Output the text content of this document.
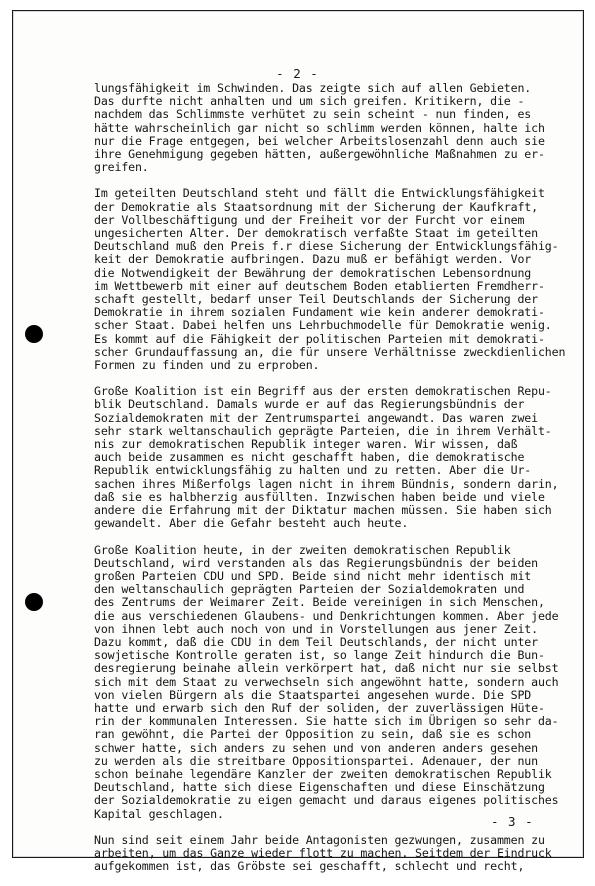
- 2 -

lungsfähigkeit im Schwinden. Das zeigte sich auf allen Gebieten.
Das durfte nicht anhalten und um sich greifen. Kritikern, die -
nachdem das Schlimmste verhütet zu sein scheint - nun finden, es
hätte wahrscheinlich gar nicht so schlimm werden können, halte ich
nur die Frage entgegen, bei welcher Arbeitslosenzahl denn auch sie
ihre Genehmigung gegeben hätten, außergewöhnliche Maßnahmen zu er-
greifen.

Im geteilten Deutschland steht und fällt die Entwicklungsfähigkeit
der Demokratie als Staatsordnung mit der Sicherung der Kaufkraft,
der Vollbeschäftigung und der Freiheit vor der Furcht vor einem
ungesicherten Alter. Der demokratisch verfaßte Staat im geteilten
Deutschland muß den Preis f.r diese Sicherung der Entwicklungsfähig-
keit der Demokratie aufbringen. Dazu muß er befähigt werden. Vor
die Notwendigkeit der Bewährung der demokratischen Lebensordnung
im Wettbewerb mit einer auf deutschem Boden etablierten Fremdherr-
schaft gestellt, bedarf unser Teil Deutschlands der Sicherung der
Demokratie in ihrem sozialen Fundament wie kein anderer demokrati-
scher Staat. Dabei helfen uns Lehrbuchmodelle für Demokratie wenig.
Es kommt auf die Fähigkeit der politischen Parteien mit demokrati-
scher Grundauffassung an, die für unsere Verhältnisse zweckdienlichen
Formen zu finden und zu erproben.

Große Koalition ist ein Begriff aus der ersten demokratischen Repu-
blik Deutschland. Damals wurde er auf das Regierungsbündnis der
Sozialdemokraten mit der Zentrumspartei angewandt. Das waren zwei
sehr stark weltanschaulich geprägte Parteien, die in ihrem Verhält-
nis zur demokratischen Republik integer waren. Wir wissen, daß
auch beide zusammen es nicht geschafft haben, die demokratische
Republik entwicklungsfähig zu halten und zu retten. Aber die Ur-
sachen ihres Mißerfolgs lagen nicht in ihrem Bündnis, sondern darin,
daß sie es halbherzig ausfüllten. Inzwischen haben beide und viele
andere die Erfahrung mit der Diktatur machen müssen. Sie haben sich
gewandelt. Aber die Gefahr besteht auch heute.

Große Koalition heute, in der zweiten demokratischen Republik
Deutschland, wird verstanden als das Regierungsbündnis der beiden
großen Parteien CDU und SPD. Beide sind nicht mehr identisch mit
den weltanschaulich geprägten Parteien der Sozialdemokraten und
des Zentrums der Weimarer Zeit. Beide vereinigen in sich Menschen,
die aus verschiedenen Glaubens- und Denkrichtungen kommen. Aber jede
von ihnen lebt auch noch von und in Vorstellungen aus jener Zeit.
Dazu kommt, daß die CDU in dem Teil Deutschlands, der nicht unter
sowjetische Kontrolle geraten ist, so lange Zeit hindurch die Bun-
desregierung beinahe allein verkörpert hat, daß nicht nur sie selbst
sich mit dem Staat zu verwechseln sich angewöhnt hatte, sondern auch
von vielen Bürgern als die Staatspartei angesehen wurde. Die SPD
hatte und erwarb sich den Ruf der soliden, der zuverlässigen Hüte-
rin der kommunalen Interessen. Sie hatte sich im Übrigen so sehr da-
ran gewöhnt, die Partei der Opposition zu sein, daß sie es schon
schwer hatte, sich anders zu sehen und von anderen anders gesehen
zu werden als die streitbare Oppositionspartei. Adenauer, der nun
schon beinahe legendäre Kanzler der zweiten demokratischen Republik
Deutschland, hatte sich diese Eigenschaften und diese Einschätzung
der Sozialdemokratie zu eigen gemacht und daraus eigenes politisches
Kapital geschlagen.

Nun sind seit einem Jahr beide Antagonisten gezwungen, zusammen zu
arbeiten, um das Ganze wieder flott zu machen. Seitdem der Eindruck
aufgekommen ist, das Gröbste sei geschafft, schlecht und recht,

- 3 -
